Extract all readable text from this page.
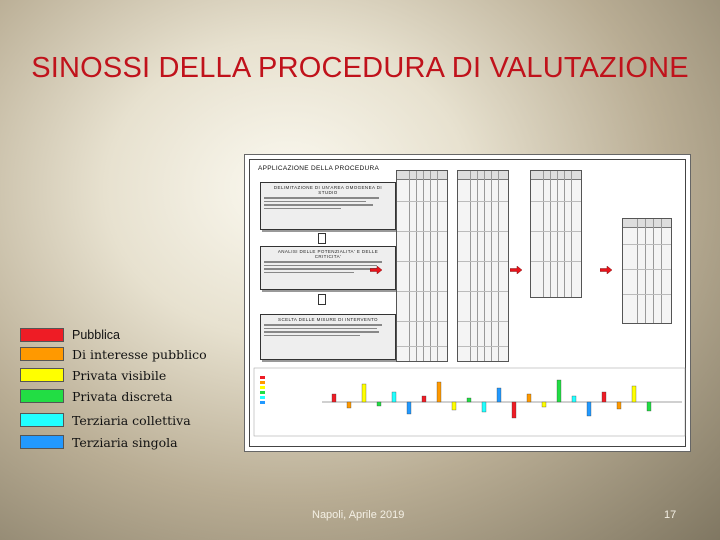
SINOSSI DELLA PROCEDURA DI VALUTAZIONE
APPLICAZIONE DELLA PROCEDURA
DELIMITAZIONE DI UN'AREA OMOGENEA DI STUDIO
ANALISI DELLE POTENZIALITA' E DELLE CRITICITA'
SCELTA DELLE MISURE DI INTERVENTO
Pubblica
Di interesse pubblico
Privata visibile
Privata discreta
Terziaria collettiva
Terziaria singola
Napoli, Aprile 2019	17
